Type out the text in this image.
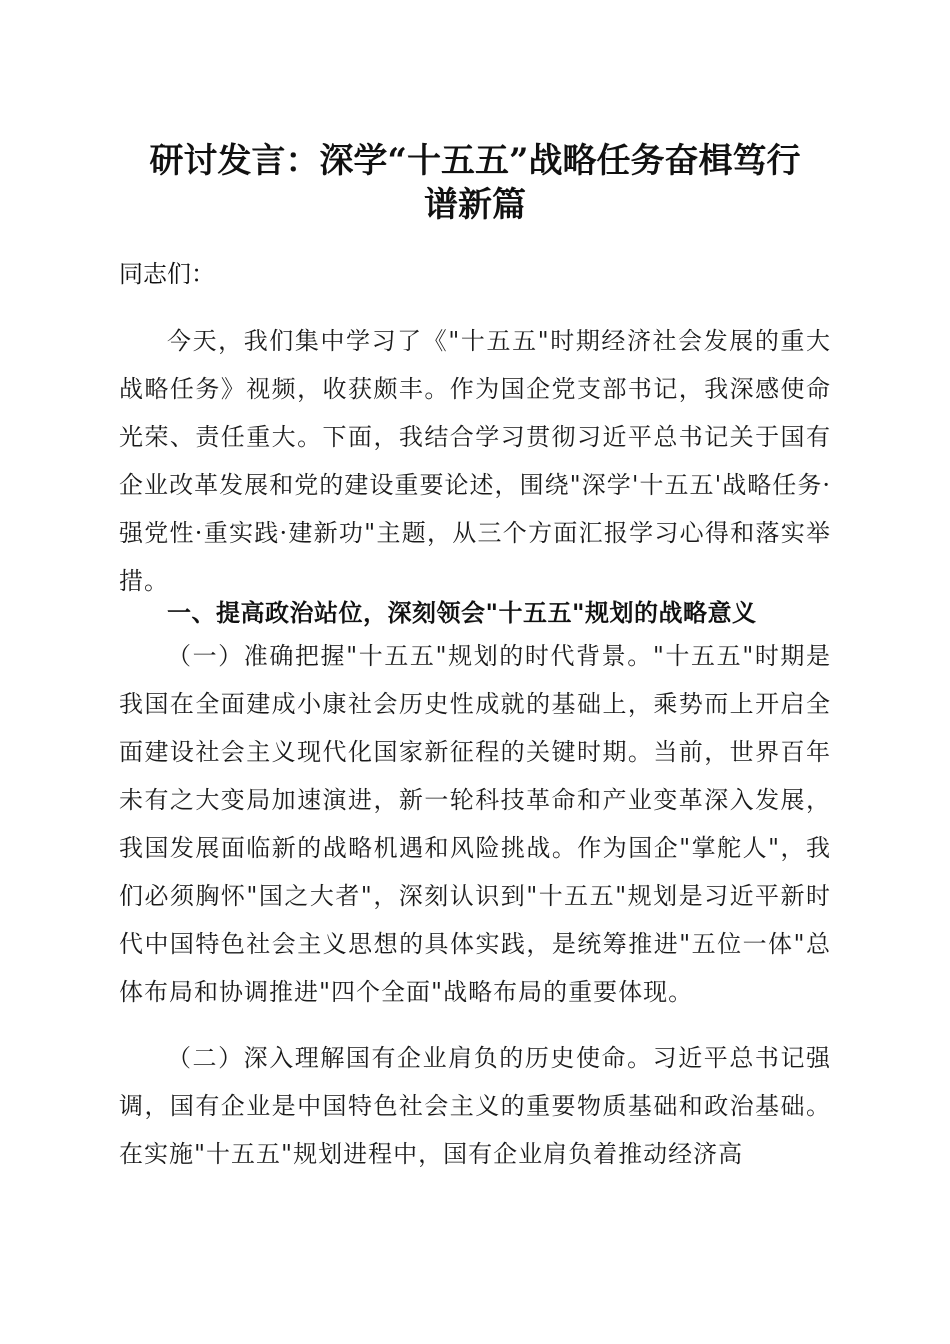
研讨发言：深学“十五五”战略任务奋楫笃行
谱新篇
同志们：

今天，我们集中学习了《"十五五"时期经济社会发展的重大战略任务》视频，收获颇丰。作为国企党支部书记，我深感使命光荣、责任重大。下面，我结合学习贯彻习近平总书记关于国有企业改革发展和党的建设重要论述，围绕"深学'十五五'战略任务·强党性·重实践·建新功"主题，从三个方面汇报学习心得和落实举措。

一、提高政治站位，深刻领会"十五五"规划的战略意义

（一）准确把握"十五五"规划的时代背景。"十五五"时期是我国在全面建成小康社会历史性成就的基础上，乘势而上开启全面建设社会主义现代化国家新征程的关键时期。当前，世界百年未有之大变局加速演进，新一轮科技革命和产业变革深入发展，我国发展面临新的战略机遇和风险挑战。作为国企"掌舵人"，我们必须胸怀"国之大者"，深刻认识到"十五五"规划是习近平新时代中国特色社会主义思想的具体实践，是统筹推进"五位一体"总体布局和协调推进"四个全面"战略布局的重要体现。

（二）深入理解国有企业肩负的历史使命。习近平总书记强调，国有企业是中国特色社会主义的重要物质基础和政治基础。在实施"十五五"规划进程中，国有企业肩负着推动经济高
